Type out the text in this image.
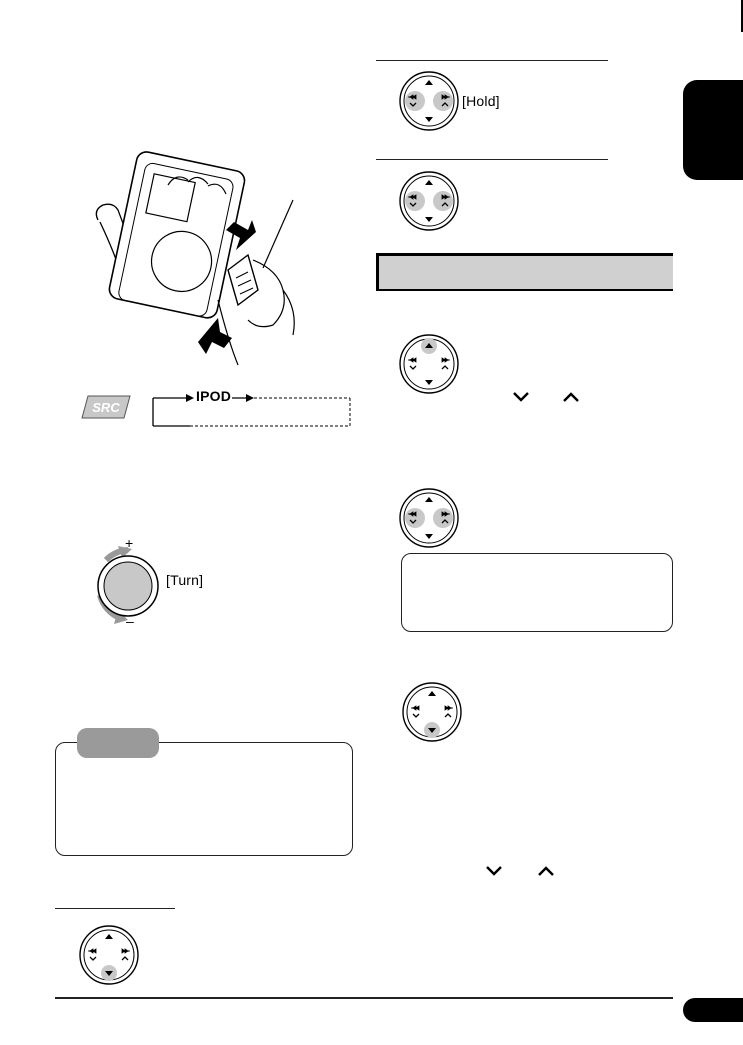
SRC
IPOD
+
–
[Turn]
[Hold]
